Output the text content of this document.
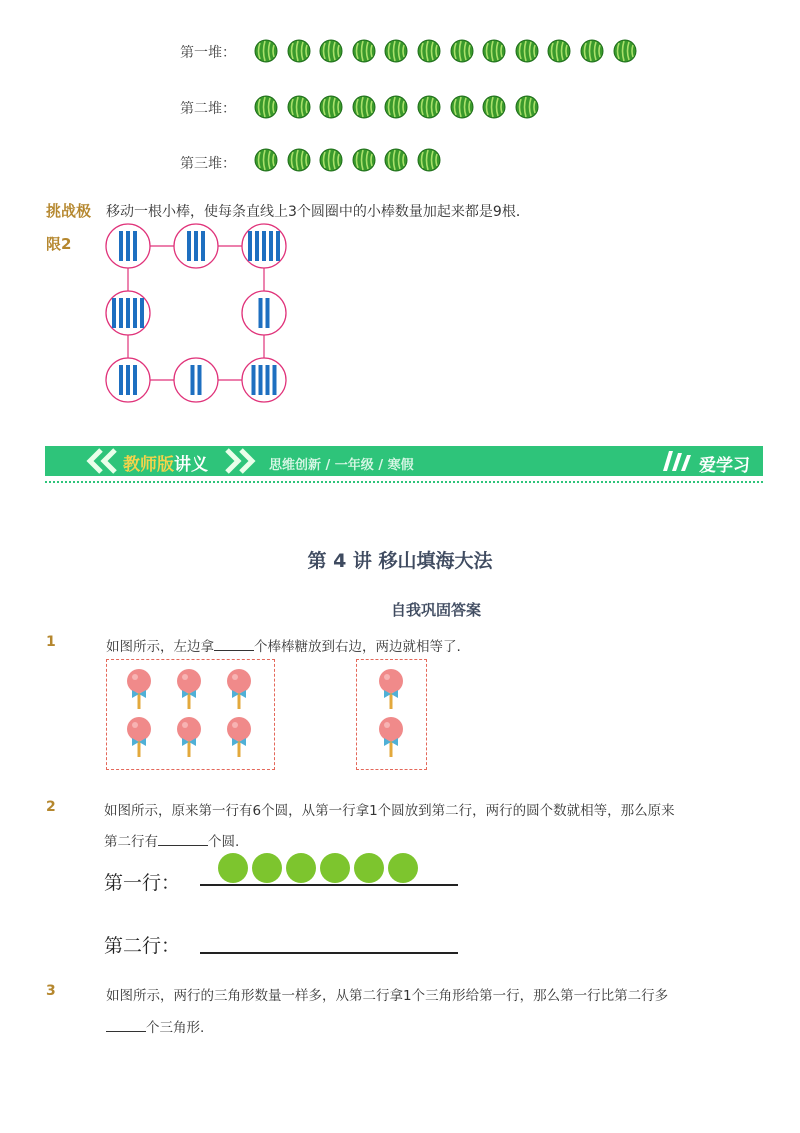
第一堆：
第二堆：
第三堆：
挑战极
限2
移动一根小棒，使每条直线上3个圆圈中的小棒数量加起来都是9根．
教师版讲义	思维创新 / 一年级 / 寒假	爱学习
第 4 讲 移山填海大法
自我巩固答案
1	如图所示，左边拿	个棒棒糖放到右边，两边就相等了.
2	如图所示，原来第一行有6个圆，从第一行拿1个圆放到第二行，两行的圆个数就相等，那么原来
第二行有	个圆.
第一行：
第二行：
3	如图所示，两行的三角形数量一样多，从第二行拿1个三角形给第一行，那么第一行比第二行多
个三角形.
